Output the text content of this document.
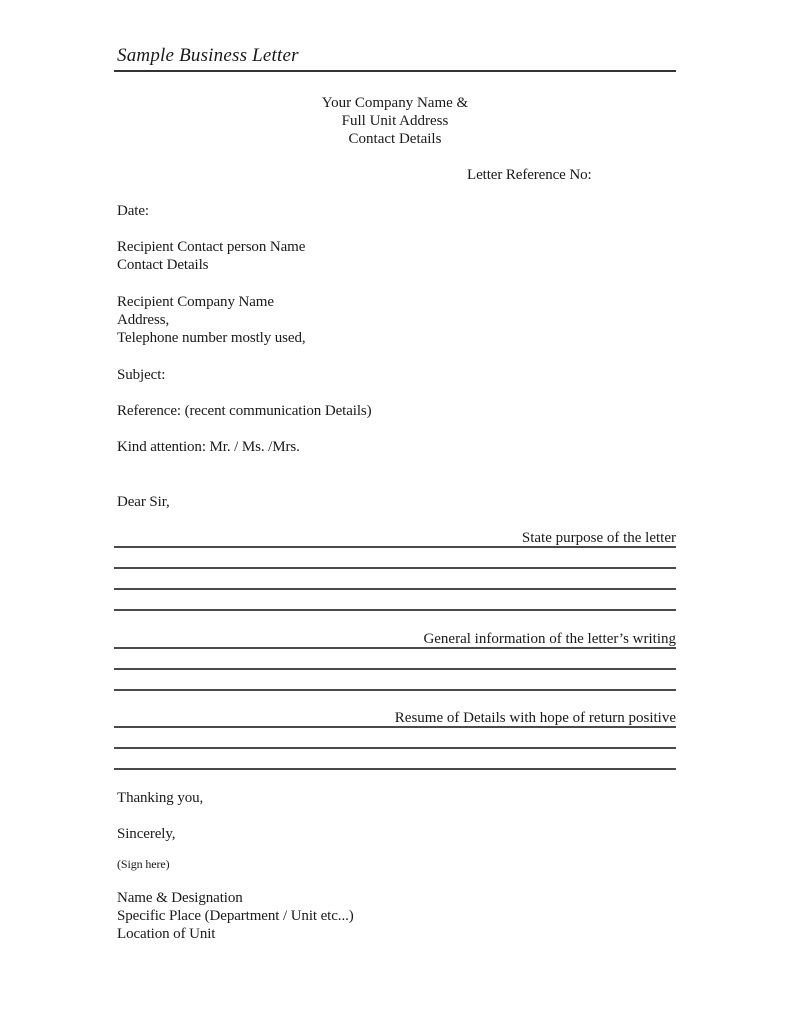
Sample Business Letter
Your Company Name &
Full Unit Address
Contact Details
Letter Reference No:
Date:
Recipient Contact person Name
Contact Details
Recipient Company Name
Address,
Telephone number mostly used,
Subject:
Reference: (recent communication Details)
Kind attention: Mr. / Ms. /Mrs.
Dear Sir,
State purpose of the letter
General information of the letter’s writing
Resume of Details with hope of return positive
Thanking you,
Sincerely,
(Sign here)
Name & Designation
Specific Place (Department / Unit etc...)
Location of Unit
